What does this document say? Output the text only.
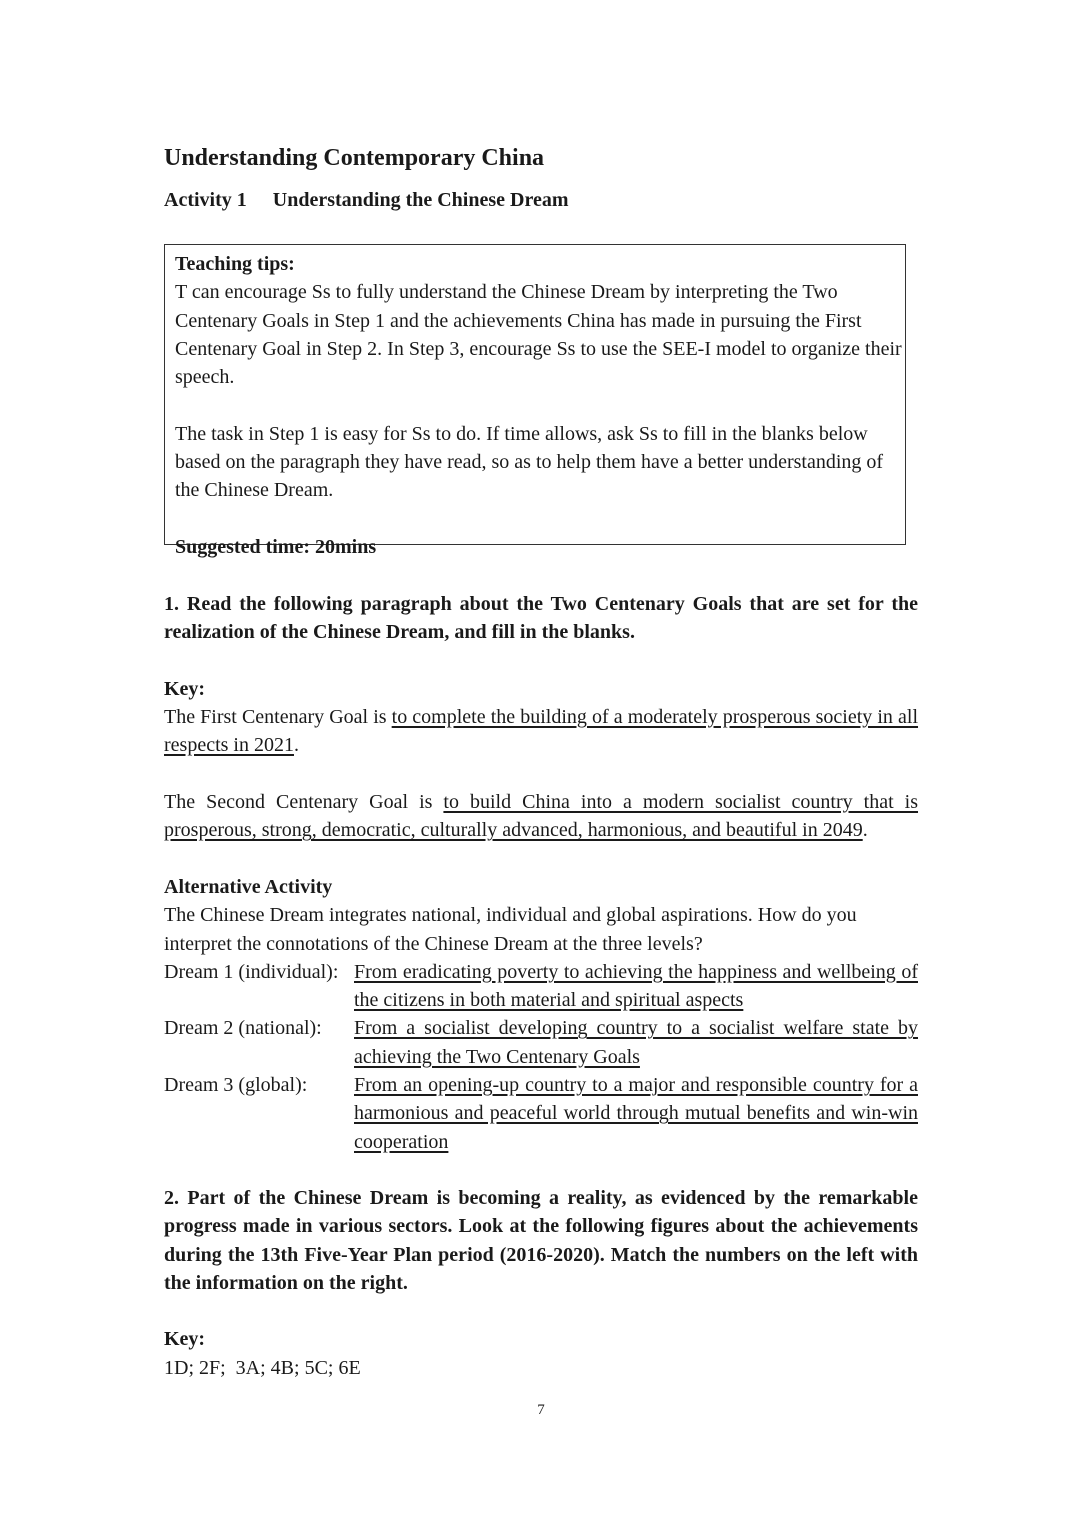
Understanding Contemporary China
Activity 1 Understanding the Chinese Dream

Teaching tips:

T can encourage Ss to fully understand the Chinese Dream by interpreting the Two Centenary Goals in Step 1 and the achievements China has made in pursuing the First Centenary Goal in Step 2. In Step 3, encourage Ss to use the SEE-I model to organize their speech.

The task in Step 1 is easy for Ss to do. If time allows, ask Ss to fill in the blanks below based on the paragraph they have read, so as to help them have a better understanding of the Chinese Dream.

Suggested time: 20mins

1. Read the following paragraph about the Two Centenary Goals that are set for the realization of the Chinese Dream, and fill in the blanks.

Key:

The First Centenary Goal is to complete the building of a moderately prosperous society in all respects in 2021.

The Second Centenary Goal is to build China into a modern socialist country that is prosperous, strong, democratic, culturally advanced, harmonious, and beautiful in 2049.

Alternative Activity

The Chinese Dream integrates national, individual and global aspirations. How do you interpret the connotations of the Chinese Dream at the three levels?

Dream 1 (individual): From eradicating poverty to achieving the happiness and wellbeing of the citizens in both material and spiritual aspects
Dream 2 (national):	From a socialist developing country to a socialist welfare state by achieving the Two Centenary Goals
Dream 3 (global):	From an opening-up country to a major and responsible country for a harmonious and peaceful world through mutual benefits and win-win cooperation

2. Part of the Chinese Dream is becoming a reality, as evidenced by the remarkable progress made in various sectors. Look at the following figures about the achievements during the 13th Five-Year Plan period (2016-2020). Match the numbers on the left with the information on the right.

Key:

1D; 2F;  3A; 4B; 5C; 6E

7
